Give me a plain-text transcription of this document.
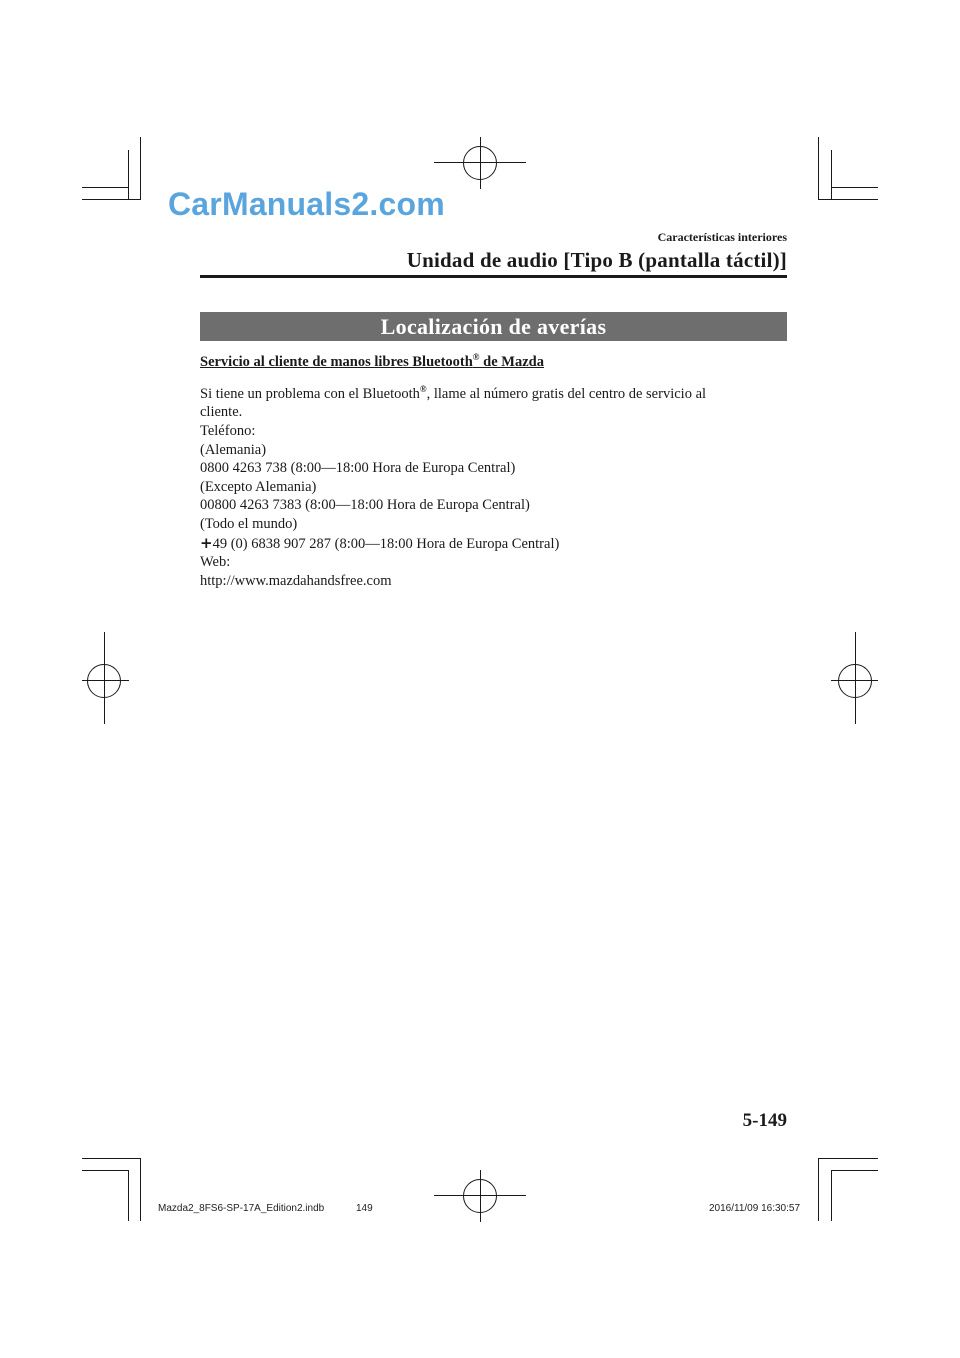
CarManuals2.com
Características interiores
Unidad de audio [Tipo B (pantalla táctil)]
Localización de averías
Servicio al cliente de manos libres Bluetooth® de Mazda
Si tiene un problema con el Bluetooth®, llame al número gratis del centro de servicio al
cliente.
Teléfono:
(Alemania)
0800 4263 738 (8:00—18:00 Hora de Europa Central)
(Excepto Alemania)
00800 4263 7383 (8:00—18:00 Hora de Europa Central)
(Todo el mundo)
+49 (0) 6838 907 287 (8:00—18:00 Hora de Europa Central)
Web:
http://www.mazdahandsfree.com
5-149
Mazda2_8FS6-SP-17A_Edition2.indb	149	2016/11/09 16:30:57
